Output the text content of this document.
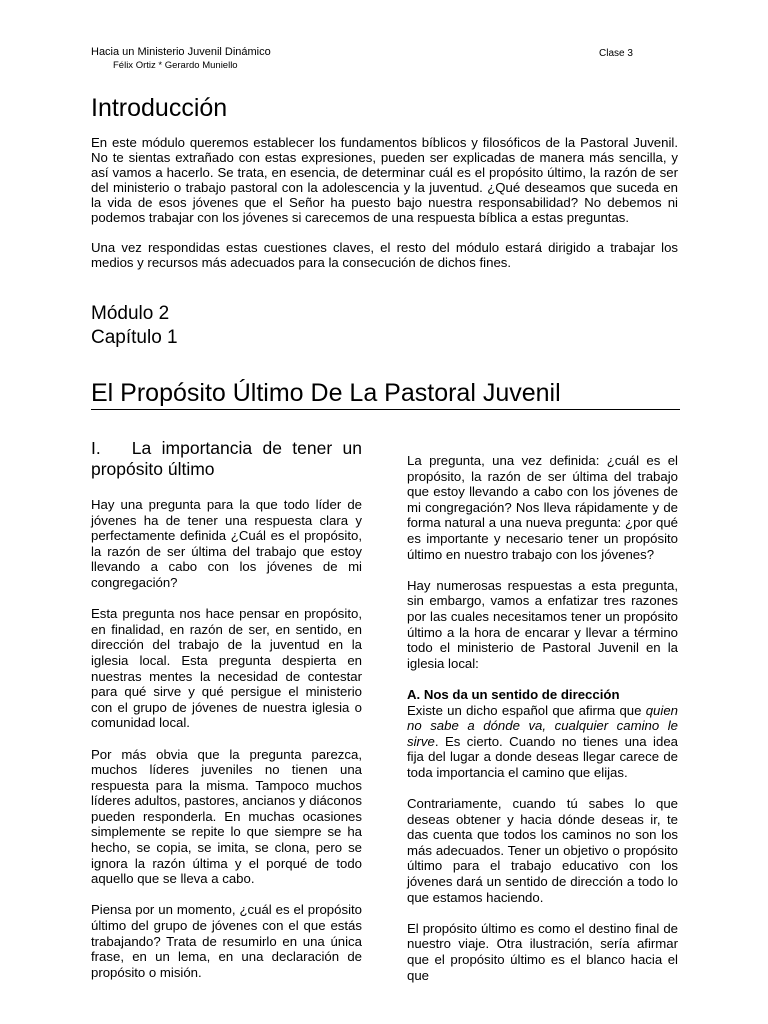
Hacia un Ministerio Juvenil Dinámico
Félix Ortiz * Gerardo Muniello
Clase 3
Introducción

En este módulo queremos establecer los fundamentos bíblicos y filosóficos de la Pastoral Juvenil. No te sientas extrañado con estas expresiones, pueden ser explicadas de manera más sencilla, y así vamos a hacerlo. Se trata, en esencia, de determinar cuál es el propósito último, la razón de ser del ministerio o trabajo pastoral con la adolescencia y la juventud. ¿Qué deseamos que suceda en la vida de esos jóvenes que el Señor ha puesto bajo nuestra responsabilidad? No debemos ni podemos trabajar con los jóvenes si carecemos de una respuesta bíblica a estas preguntas.

Una vez respondidas estas cuestiones claves, el resto del módulo estará dirigido a trabajar los medios y recursos más adecuados para la consecución de dichos fines.

Módulo 2
Capítulo 1
El Propósito Último De La Pastoral Juvenil
I.   La importancia de tener un propósito último

Hay una pregunta para la que todo líder de jóvenes ha de tener una respuesta clara y perfectamente definida ¿Cuál es el propósito, la razón de ser última del trabajo que estoy llevando a cabo con los jóvenes de mi congregación?

Esta pregunta nos hace pensar en propósito, en finalidad, en razón de ser, en sentido, en dirección del trabajo de la juventud en la iglesia local. Esta pregunta despierta en nuestras mentes la necesidad de contestar para qué sirve y qué persigue el ministerio con el grupo de jóvenes de nuestra iglesia o comunidad local.

Por más obvia que la pregunta parezca, muchos líderes juveniles no tienen una respuesta para la misma. Tampoco muchos líderes adultos, pastores, ancianos y diáconos pueden responderla. En muchas ocasiones simplemente se repite lo que siempre se ha hecho, se copia, se imita, se clona, pero se ignora la razón última y el porqué de todo aquello que se lleva a cabo.

Piensa por un momento, ¿cuál es el propósito último del grupo de jóvenes con el que estás trabajando? Trata de resumirlo en una única frase, en un lema, en una declaración de propósito o misión.

La pregunta, una vez definida: ¿cuál es el propósito, la razón de ser última del trabajo que estoy llevando a cabo con los jóvenes de mi congregación? Nos lleva rápidamente y de forma natural a una nueva pregunta: ¿por qué es importante y necesario tener un propósito último en nuestro trabajo con los jóvenes?

Hay numerosas respuestas a esta pregunta, sin embargo, vamos a enfatizar tres razones por las cuales necesitamos tener un propósito último a la hora de encarar y llevar a término todo el ministerio de Pastoral Juvenil en la iglesia local:

A. Nos da un sentido de dirección

Existe un dicho español que afirma que quien no sabe a dónde va, cualquier camino le sirve. Es cierto. Cuando no tienes una idea fija del lugar a donde deseas llegar carece de toda importancia el camino que elijas.

Contrariamente, cuando tú sabes lo que deseas obtener y hacia dónde deseas ir, te das cuenta que todos los caminos no son los más adecuados. Tener un objetivo o propósito último para el trabajo educativo con los jóvenes dará un sentido de dirección a todo lo que estamos haciendo.

El propósito último es como el destino final de nuestro viaje. Otra ilustración, sería afirmar que el propósito último es el blanco hacia el que
